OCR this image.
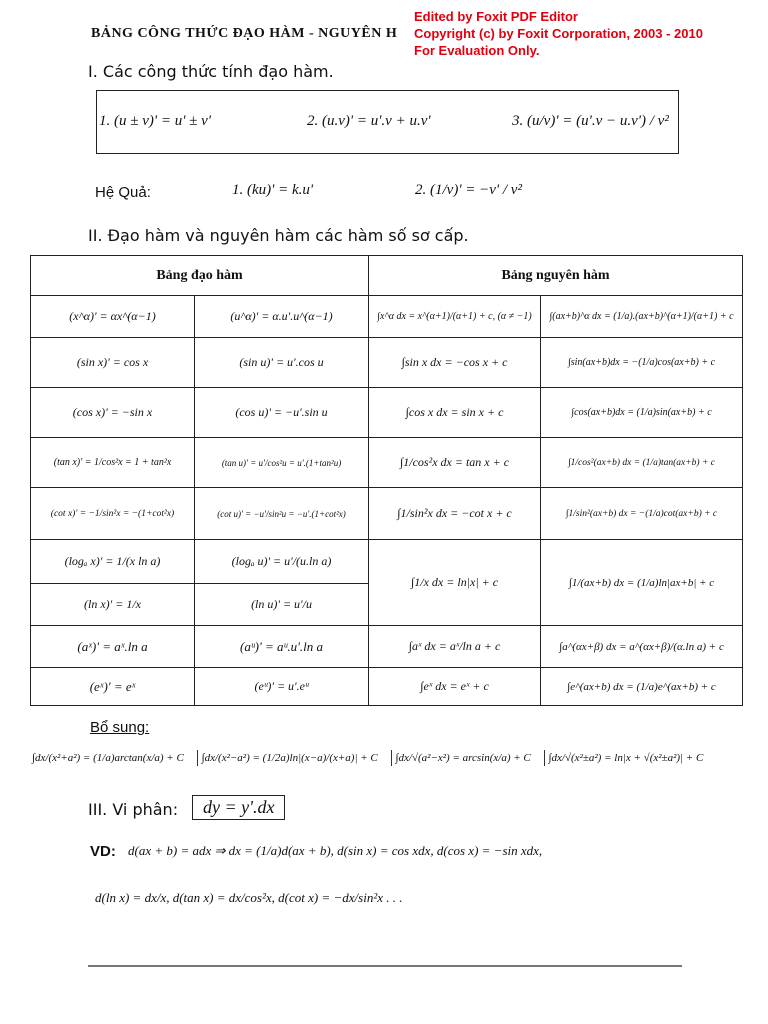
BẢNG CÔNG THỨC ĐẠO HÀM - NGUYÊN H
Edited by Foxit PDF Editor
Copyright (c) by Foxit Corporation, 2003 - 2010
For Evaluation Only.
I. Các công thức tính đạo hàm.
1. (u ± v)' = u' ± v'	2. (u.v)' = u'.v + u.v'	3. (u/v)' = (u'.v − u.v') / v²
Hệ Quả:	1. (ku)' = k.u'	2. (1/v)' = −v' / v²
II. Đạo hàm và nguyên hàm các hàm số sơ cấp.
Bảng đạo hàm		Bảng nguyên hàm	
(x^α)' = αx^(α−1)	(u^α)' = α.u'.u^(α−1)	∫x^α dx = x^(α+1)/(α+1) + c, (α ≠ −1)	∫(ax+b)^α dx = (1/a).(ax+b)^(α+1)/(α+1) + c
(sin x)' = cos x	(sin u)' = u'.cos u	∫sin x dx = −cos x + c	∫sin(ax+b)dx = −(1/a)cos(ax+b) + c
(cos x)' = −sin x	(cos u)' = −u'.sin u	∫cos x dx = sin x + c	∫cos(ax+b)dx = (1/a)sin(ax+b) + c
(tan x)' = 1/cos²x = 1 + tan²x	(tan u)' = u'/cos²u = u'.(1+tan²u)	∫1/cos²x dx = tan x + c	∫1/cos²(ax+b) dx = (1/a)tan(ax+b) + c
(cot x)' = −1/sin²x = −(1+cot²x)	(cot u)' = −u'/sin²u = −u'.(1+cot²x)	∫1/sin²x dx = −cot x + c	∫1/sin²(ax+b) dx = −(1/a)cot(ax+b) + c
(logₐ x)' = 1/(x ln a)	(logₐ u)' = u'/(u.ln a)	∫1/x dx = ln|x| + c	∫1/(ax+b) dx = (1/a)ln|ax+b| + c
(ln x)' = 1/x	(ln u)' = u'/u		
(aˣ)' = aˣ.ln a	(aᵘ)' = aᵘ.u'.ln a	∫aˣ dx = aˣ/ln a + c	∫a^(αx+β) dx = a^(αx+β)/(α.ln a) + c
(eˣ)' = eˣ	(eᵘ)' = u'.eᵘ	∫eˣ dx = eˣ + c	∫e^(ax+b) dx = (1/a)e^(ax+b) + c
Bổ sung:
∫dx/(x²+a²) = (1/a)arctan(x/a) + C ∫dx/(x²−a²) = (1/2a)ln|(x−a)/(x+a)| + C ∫dx/√(a²−x²) = arcsin(x/a) + C ∫dx/√(x²±a²) = ln|x + √(x²±a²)| + C
III. Vi phân:	dy = y'.dx
VD: d(ax + b) = adx ⇒ dx = (1/a)d(ax + b), d(sin x) = cos xdx, d(cos x) = −sin xdx,
d(ln x) = dx/x, d(tan x) = dx/cos²x, d(cot x) = −dx/sin²x . . .
